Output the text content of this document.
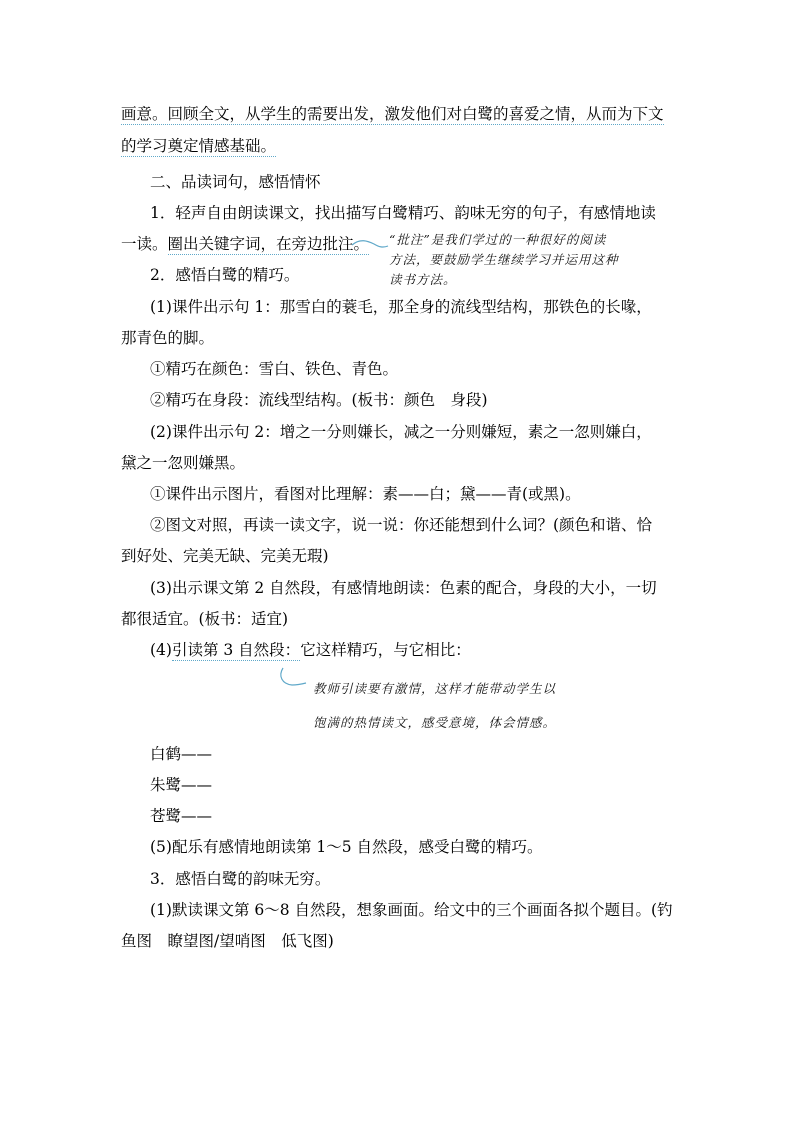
画意。回顾全文，从学生的需要出发，激发他们对白鹭的喜爱之情，从而为下文
的学习奠定情感基础。
二、品读词句，感悟情怀
1．轻声自由朗读课文，找出描写白鹭精巧、韵味无穷的句子，有感情地读
一读。圈出关键字词，在旁边批注。
2．感悟白鹭的精巧。
(1)课件出示句 1：那雪白的蓑毛，那全身的流线型结构，那铁色的长喙，
那青色的脚。
①精巧在颜色：雪白、铁色、青色。
②精巧在身段：流线型结构。(板书：颜色　身段)
(2)课件出示句 2：增之一分则嫌长，减之一分则嫌短，素之一忽则嫌白，
黛之一忽则嫌黑。
①课件出示图片，看图对比理解：素——白；黛——青(或黑)。
②图文对照，再读一读文字，说一说：你还能想到什么词？(颜色和谐、恰
到好处、完美无缺、完美无瑕)
(3)出示课文第 2 自然段，有感情地朗读：色素的配合，身段的大小，一切
都很适宜。(板书：适宜)
(4)引读第 3 自然段：它这样精巧，与它相比：
白鹤——
朱鹭——
苍鹭——
(5)配乐有感情地朗读第 1～5 自然段，感受白鹭的精巧。
3．感悟白鹭的韵味无穷。
(1)默读课文第 6～8 自然段，想象画面。给文中的三个画面各拟个题目。(钓
鱼图　瞭望图/望哨图　低飞图)
“批注”是我们学过的一种很好的阅读
方法，要鼓励学生继续学习并运用这种
读书方法。
教师引读要有激情，这样才能带动学生以
饱满的热情读文，感受意境，体会情感。
